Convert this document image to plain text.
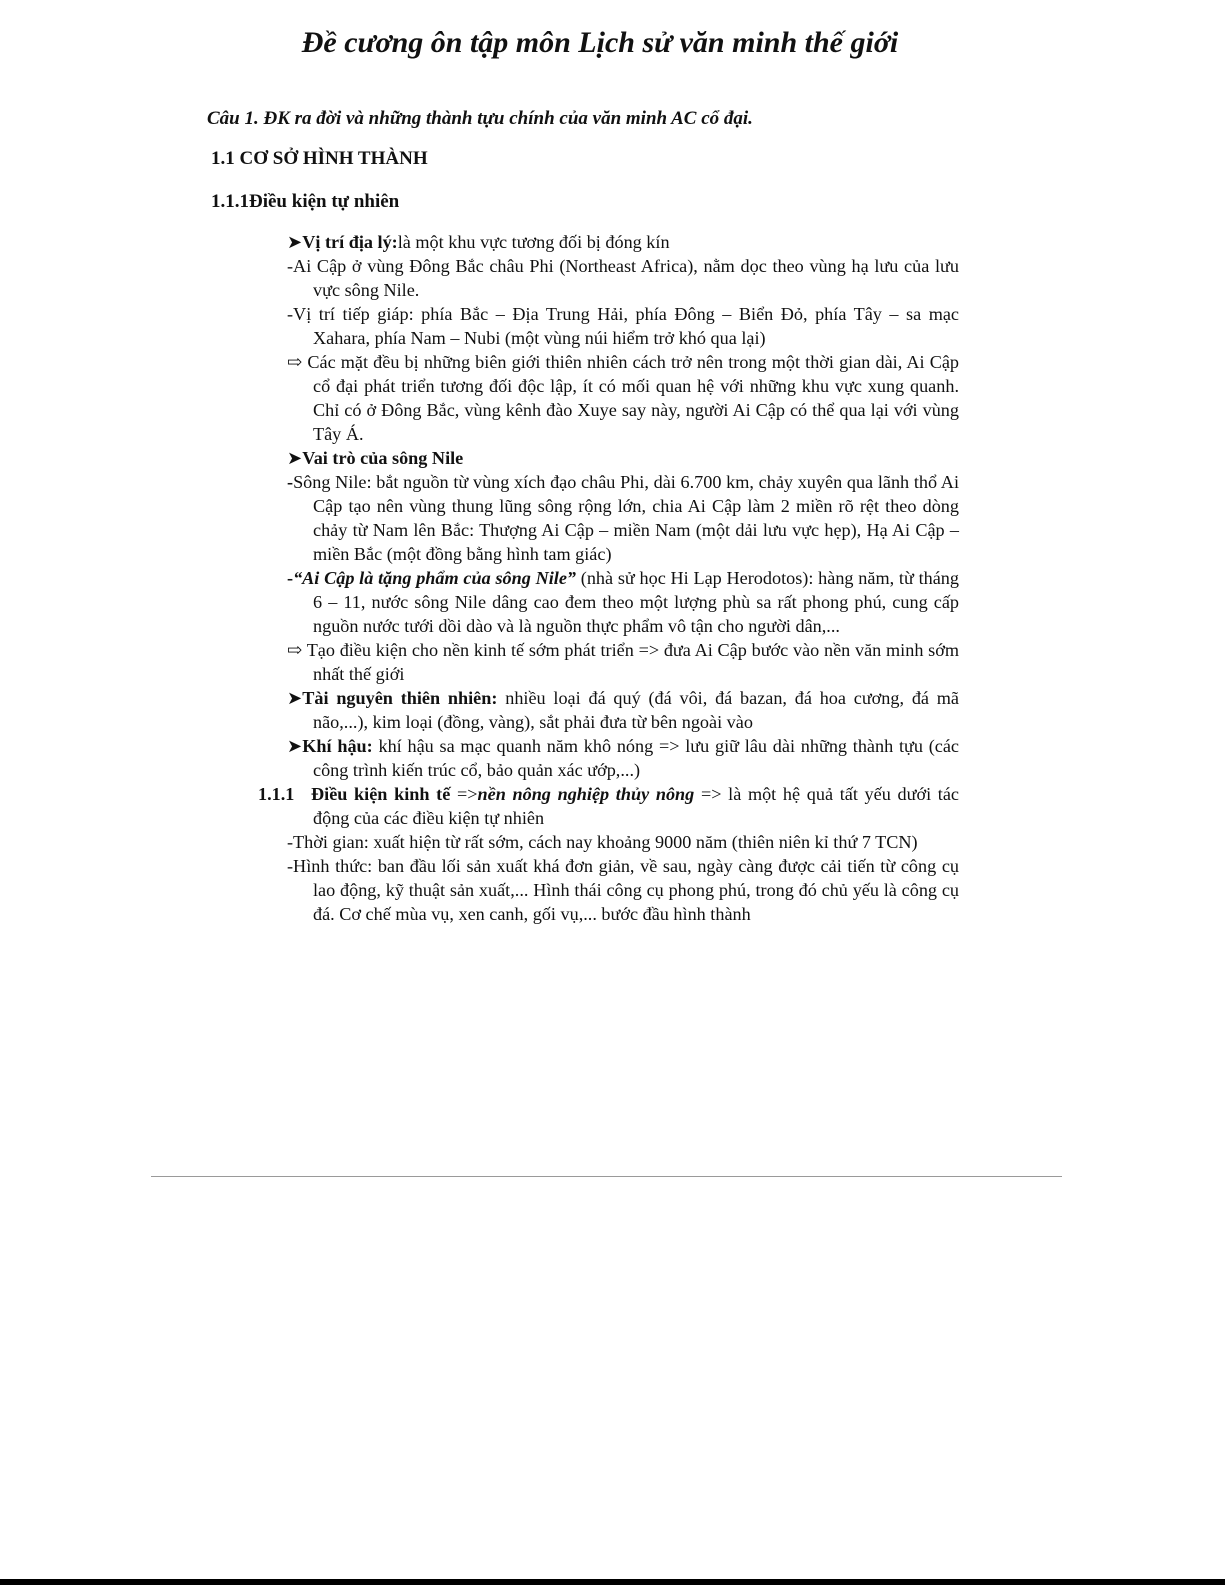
Đề cương ôn tập môn Lịch sử văn minh thế giới
Câu 1. ĐK ra đời và những thành tựu chính của văn minh AC cổ đại.
1.1 CƠ SỞ HÌNH THÀNH
1.1.1Điều kiện tự nhiên

➤Vị trí địa lý:là một khu vực tương đối bị đóng kín

-Ai Cập ở vùng Đông Bắc châu Phi (Northeast Africa), nằm dọc theo vùng hạ lưu của lưu vực sông Nile.

-Vị trí tiếp giáp: phía Bắc – Địa Trung Hải, phía Đông – Biển Đỏ, phía Tây – sa mạc Xahara, phía Nam – Nubi (một vùng núi hiểm trở khó qua lại)

⇨ Các mặt đều bị những biên giới thiên nhiên cách trở nên trong một thời gian dài, Ai Cập cổ đại phát triển tương đối độc lập, ít có mối quan hệ với những khu vực xung quanh. Chỉ có ở Đông Bắc, vùng kênh đào Xuye say này, người Ai Cập có thể qua lại với vùng Tây Á.

➤Vai trò của sông Nile

-Sông Nile: bắt nguồn từ vùng xích đạo châu Phi, dài 6.700 km, chảy xuyên qua lãnh thổ Ai Cập tạo nên vùng thung lũng sông rộng lớn, chia Ai Cập làm 2 miền rõ rệt theo dòng chảy từ Nam lên Bắc: Thượng Ai Cập – miền Nam (một dải lưu vực hẹp), Hạ Ai Cập – miền Bắc (một đồng bằng hình tam giác)

-“Ai Cập là tặng phẩm của sông Nile” (nhà sử học Hi Lạp Herodotos): hàng năm, từ tháng 6 – 11, nước sông Nile dâng cao đem theo một lượng phù sa rất phong phú, cung cấp nguồn nước tưới dồi dào và là nguồn thực phẩm vô tận cho người dân,...

⇨ Tạo điều kiện cho nền kinh tế sớm phát triển => đưa Ai Cập bước vào nền văn minh sớm nhất thế giới

➤Tài nguyên thiên nhiên: nhiều loại đá quý (đá vôi, đá bazan, đá hoa cương, đá mã não,...), kim loại (đồng, vàng), sắt phải đưa từ bên ngoài vào

➤Khí hậu: khí hậu sa mạc quanh năm khô nóng => lưu giữ lâu dài những thành tựu (các công trình kiến trúc cổ, bảo quản xác ướp,...)

1.1.1 Điều kiện kinh tế =>nền nông nghiệp thủy nông => là một hệ quả tất yếu dưới tác động của các điều kiện tự nhiên

-Thời gian: xuất hiện từ rất sớm, cách nay khoảng 9000 năm (thiên niên kỉ thứ 7 TCN)

-Hình thức: ban đầu lối sản xuất khá đơn giản, về sau, ngày càng được cải tiến từ công cụ lao động, kỹ thuật sản xuất,... Hình thái công cụ phong phú, trong đó chủ yếu là công cụ đá. Cơ chế mùa vụ, xen canh, gối vụ,... bước đầu hình thành
